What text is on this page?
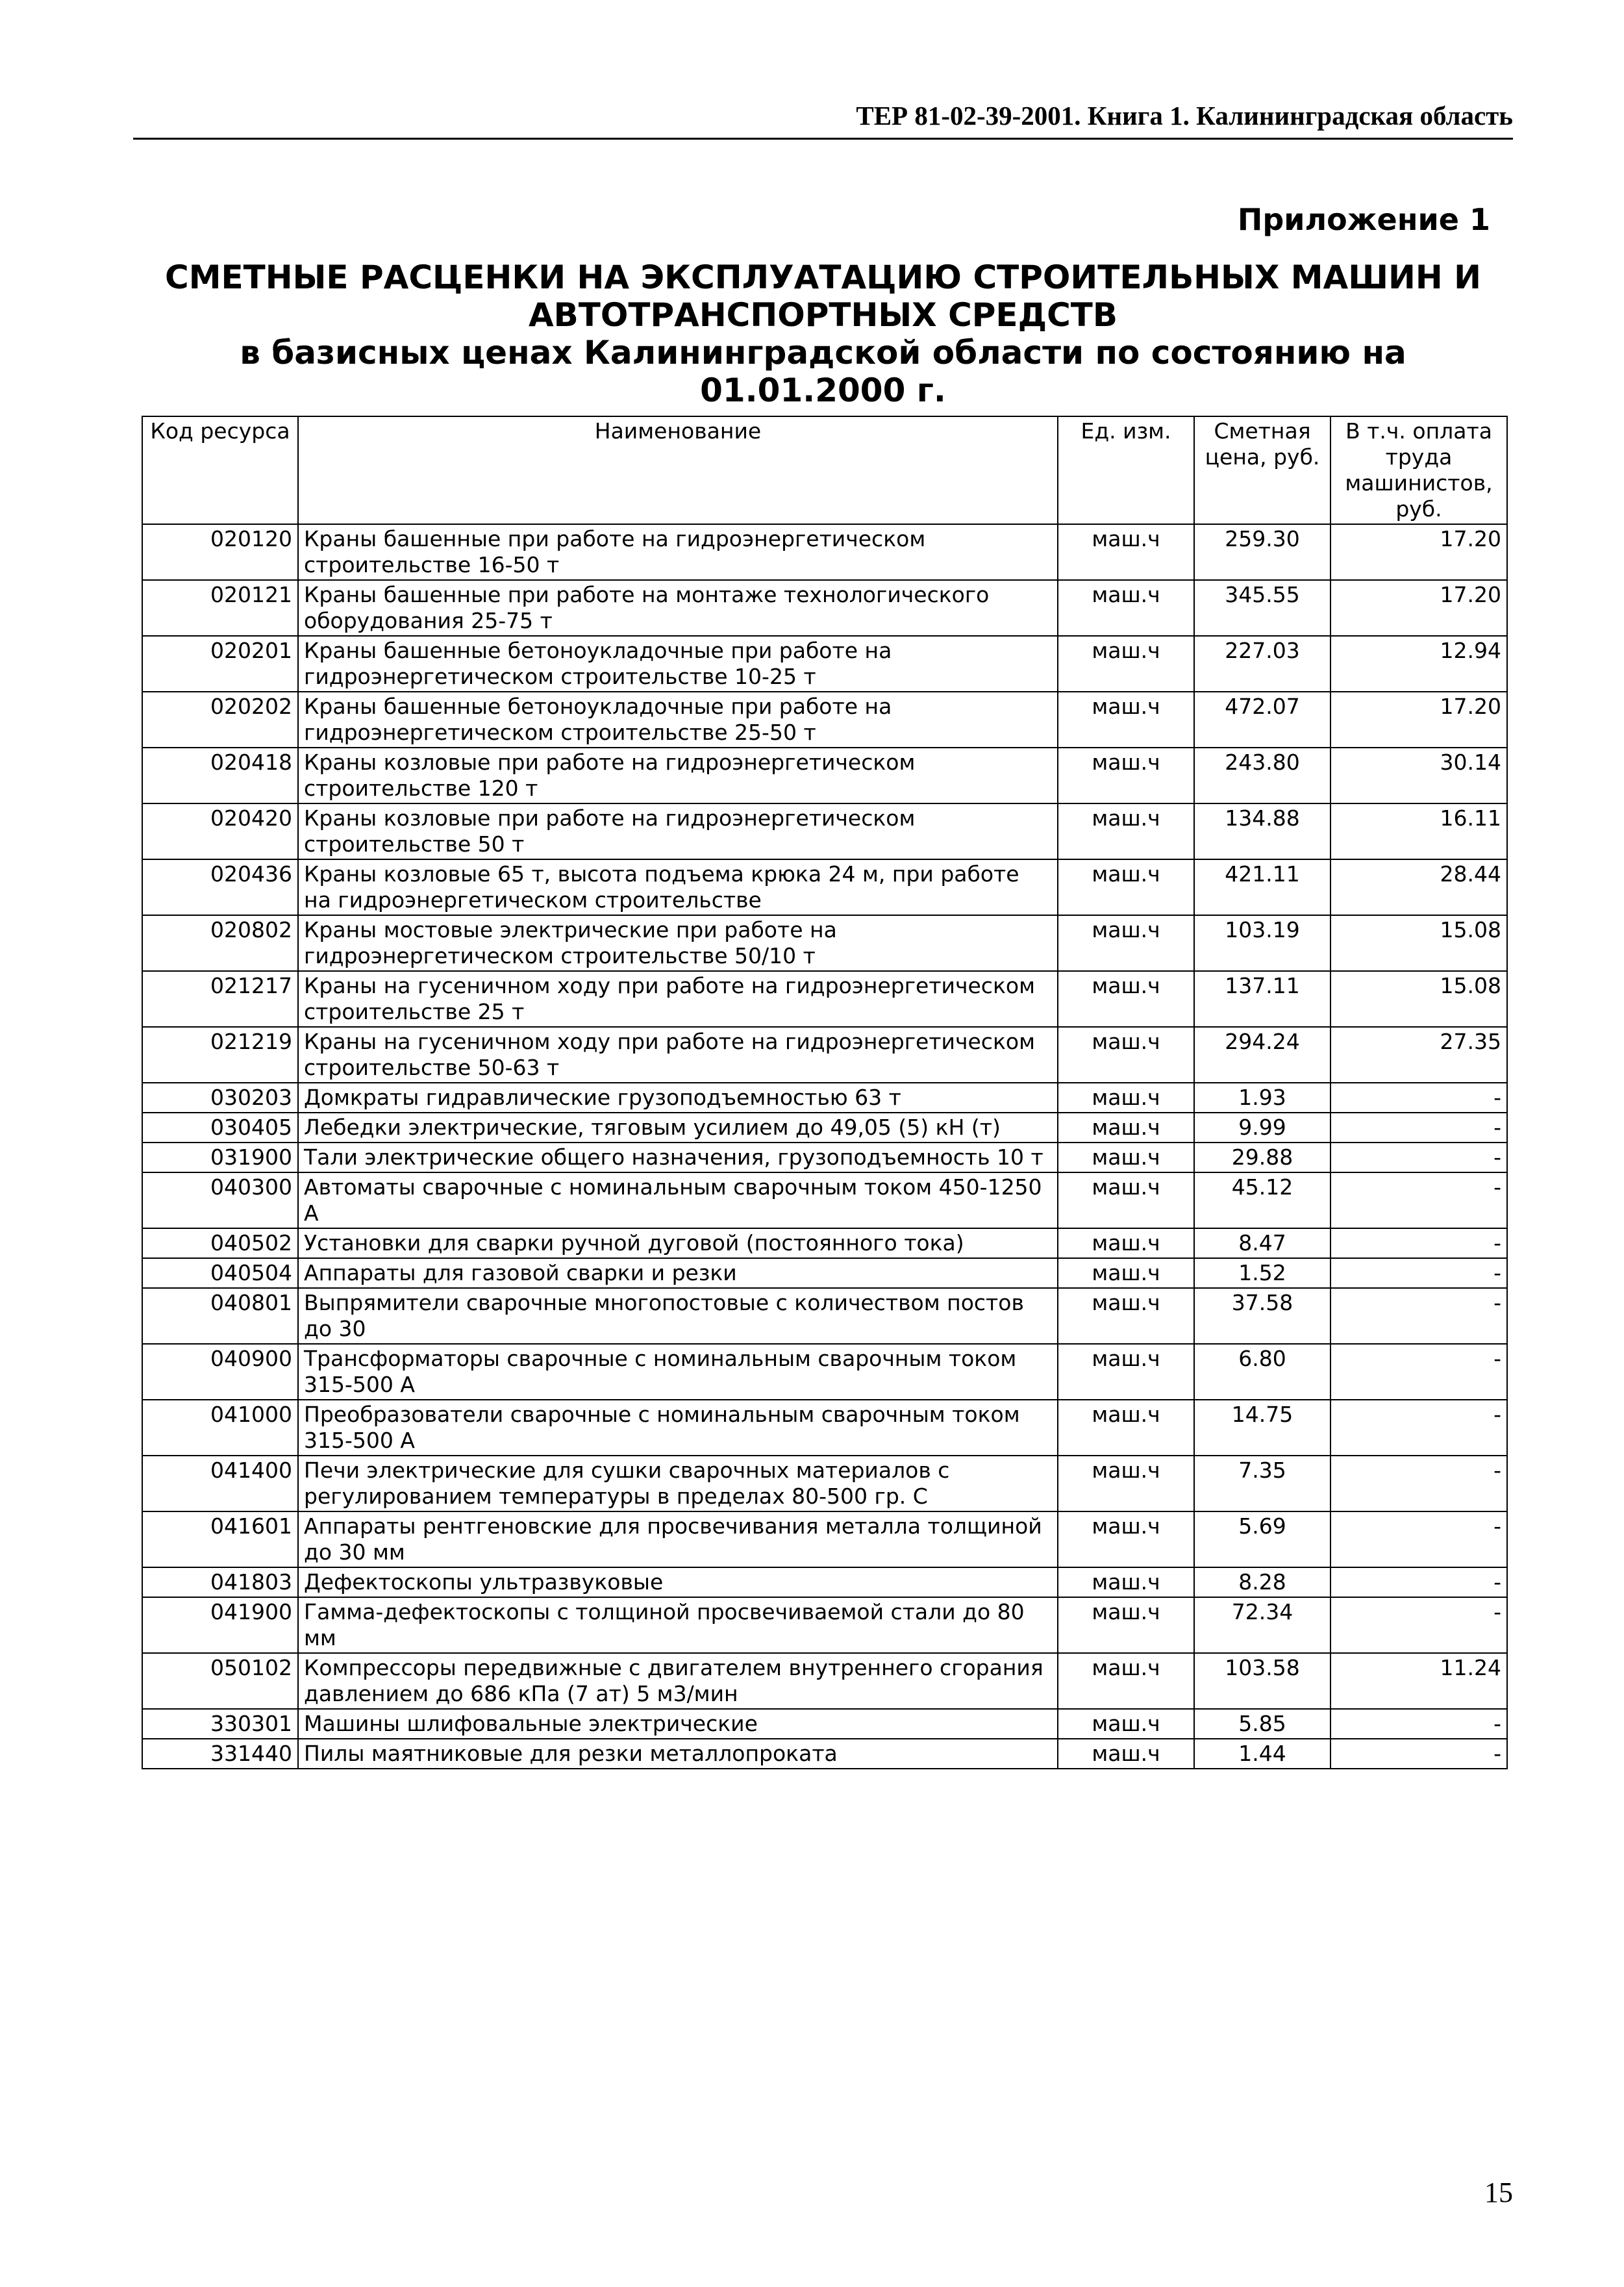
ТЕР 81-02-39-2001. Книга 1. Калининградская область
Приложение 1
СМЕТНЫЕ РАСЦЕНКИ НА ЭКСПЛУАТАЦИЮ СТРОИТЕЛЬНЫХ МАШИН И
АВТОТРАНСПОРТНЫХ СРЕДСТВ
в базисных ценах Калининградской области по состоянию на 01.01.2000 г.
Код ресурса	Наименование	Ед. изм.	Сметная цена, руб.	В т.ч. оплата труда машинистов, руб.
020120	Краны башенные при работе на гидроэнергетическом строительстве 16-50 т	маш.ч	259.30	17.20
020121	Краны башенные при работе на монтаже технологического оборудования 25-75 т	маш.ч	345.55	17.20
020201	Краны башенные бетоноукладочные при работе на гидроэнергетическом строительстве 10-25 т	маш.ч	227.03	12.94
020202	Краны башенные бетоноукладочные при работе на гидроэнергетическом строительстве 25-50 т	маш.ч	472.07	17.20
020418	Краны козловые при работе на гидроэнергетическом строительстве 120 т	маш.ч	243.80	30.14
020420	Краны козловые при работе на гидроэнергетическом строительстве 50 т	маш.ч	134.88	16.11
020436	Краны козловые 65 т, высота подъема крюка 24 м, при работе на гидроэнергетическом строительстве	маш.ч	421.11	28.44
020802	Краны мостовые электрические при работе на гидроэнергетическом строительстве 50/10 т	маш.ч	103.19	15.08
021217	Краны на гусеничном ходу при работе на гидроэнергетическом строительстве 25 т	маш.ч	137.11	15.08
021219	Краны на гусеничном ходу при работе на гидроэнергетическом строительстве 50-63 т	маш.ч	294.24	27.35
030203	Домкраты гидравлические грузоподъемностью 63 т	маш.ч	1.93	-
030405	Лебедки электрические, тяговым усилием до 49,05 (5) кН (т)	маш.ч	9.99	-
031900	Тали электрические общего назначения, грузоподъемность 10 т	маш.ч	29.88	-
040300	Автоматы сварочные с номинальным сварочным током 450-1250 А	маш.ч	45.12	-
040502	Установки для сварки ручной дуговой (постоянного тока)	маш.ч	8.47	-
040504	Аппараты для газовой сварки и резки	маш.ч	1.52	-
040801	Выпрямители сварочные многопостовые с количеством постов до 30	маш.ч	37.58	-
040900	Трансформаторы сварочные с номинальным сварочным током 315-500 А	маш.ч	6.80	-
041000	Преобразователи сварочные с номинальным сварочным током 315-500 А	маш.ч	14.75	-
041400	Печи электрические для сушки сварочных материалов с регулированием температуры в пределах 80-500 гр. С	маш.ч	7.35	-
041601	Аппараты рентгеновские для просвечивания металла толщиной до 30 мм	маш.ч	5.69	-
041803	Дефектоскопы ультразвуковые	маш.ч	8.28	-
041900	Гамма-дефектоскопы с толщиной просвечиваемой стали до 80 мм	маш.ч	72.34	-
050102	Компрессоры передвижные с двигателем внутреннего сгорания давлением до 686 кПа (7 ат) 5 м3/мин	маш.ч	103.58	11.24
330301	Машины шлифовальные электрические	маш.ч	5.85	-
331440	Пилы маятниковые для резки металлопроката	маш.ч	1.44	-
15
